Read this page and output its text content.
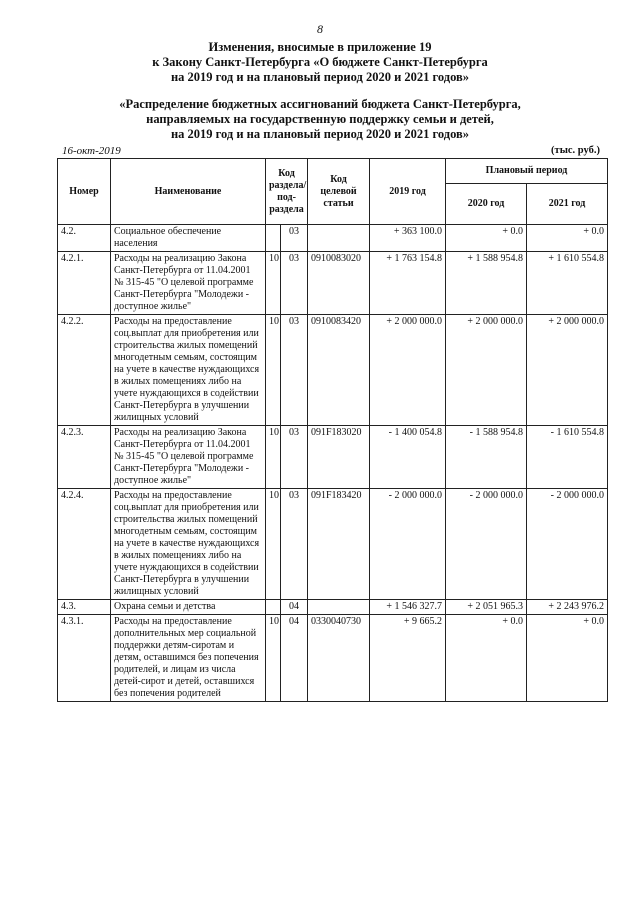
8
Изменения, вносимые в приложение 19
к Закону Санкт-Петербурга «О бюджете Санкт-Петербурга
на 2019 год и на плановый период 2020 и 2021 годов»
«Распределение бюджетных ассигнований бюджета Санкт-Петербурга,
направляемых на государственную поддержку семьи и детей,
на 2019 год и на плановый период 2020 и 2021 годов»
16-окт-2019	(тыс. руб.)
Номер	Наименование	Код раздела/ под-раздела		Код целевой статьи	2019 год	Плановый период	
						2020 год	2021 год
4.2.	Социальное обеспечение населения		03		+ 363 100.0	+ 0.0	+ 0.0
4.2.1.	Расходы на реализацию Закона Санкт-Петербурга от 11.04.2001 № 315-45 "О целевой программе Санкт-Петербурга "Молодежи - доступное жилье"	10	03	0910083020	+ 1 763 154.8	+ 1 588 954.8	+ 1 610 554.8
4.2.2.	Расходы на предоставление соц.выплат для приобретения или строительства жилых помещений многодетным семьям, состоящим на учете в качестве нуждающихся в жилых помещениях либо на учете нуждающихся в содействии Санкт-Петербурга в улучшении жилищных условий	10	03	0910083420	+ 2 000 000.0	+ 2 000 000.0	+ 2 000 000.0
4.2.3.	Расходы на реализацию Закона Санкт-Петербурга от 11.04.2001 № 315-45 "О целевой программе Санкт-Петербурга "Молодежи - доступное жилье"	10	03	091F183020	- 1 400 054.8	- 1 588 954.8	- 1 610 554.8
4.2.4.	Расходы на предоставление соц.выплат для приобретения или строительства жилых помещений многодетным семьям, состоящим на учете в качестве нуждающихся в жилых помещениях либо на учете нуждающихся в содействии Санкт-Петербурга в улучшении жилищных условий	10	03	091F183420	- 2 000 000.0	- 2 000 000.0	- 2 000 000.0
4.3.	Охрана семьи и детства		04		+ 1 546 327.7	+ 2 051 965.3	+ 2 243 976.2
4.3.1.	Расходы на предоставление дополнительных мер социальной поддержки детям-сиротам и детям, оставшимся без попечения родителей, и лицам из числа детей-сирот и детей, оставшихся без попечения родителей	10	04	0330040730	+ 9 665.2	+ 0.0	+ 0.0
